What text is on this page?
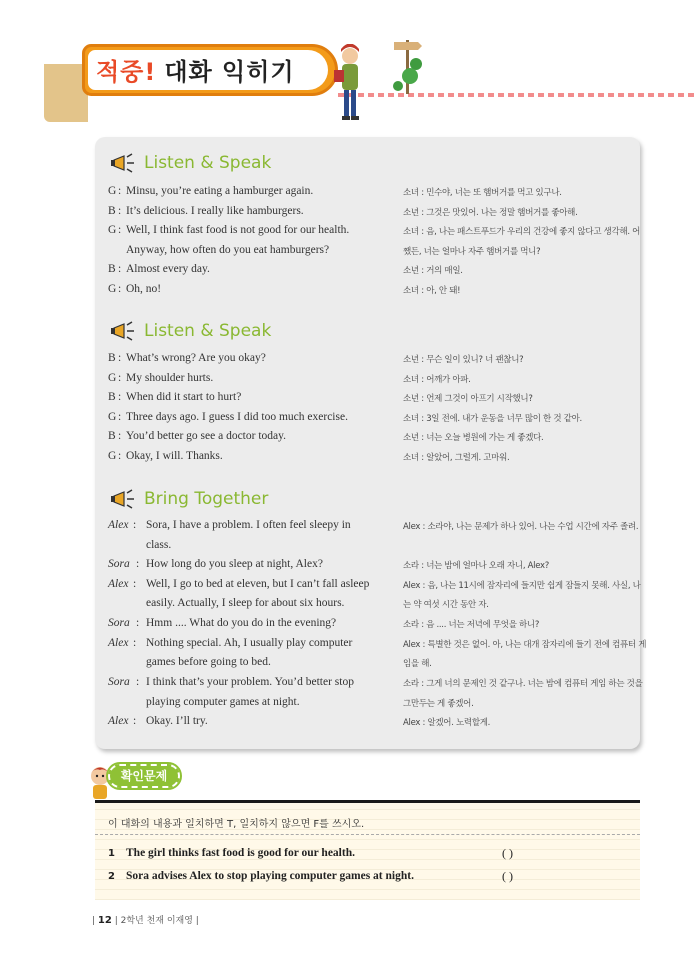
적중! 대화 익히기
Listen & Speak
Listen & Speak
Bring Together
G : Minsu, you’re eating a hamburger again.	소녀 : 민수야, 너는 또 햄버거를 먹고 있구나.
B : It’s delicious. I really like hamburgers.	소년 : 그것은 맛있어. 나는 정말 햄버거를 좋아해.
G : Well, I think fast food is not good for our health.	소녀 : 음, 나는 패스트푸드가 우리의 건강에 좋지 않다고 생각해. 어
Anyway, how often do you eat hamburgers?	쨌든, 너는 얼마나 자주 햄버거를 먹니?
B : Almost every day.	소년 : 거의 매일.
G : Oh, no!	소녀 : 아, 안 돼!
B : What’s wrong? Are you okay?	소년 : 무슨 일이 있니? 너 괜찮니?
G : My shoulder hurts.	소녀 : 어깨가 아파.
B : When did it start to hurt?	소년 : 언제 그것이 아프기 시작했니?
G : Three days ago. I guess I did too much exercise.	소녀 : 3일 전에. 내가 운동을 너무 많이 한 것 같아.
B : You’d better go see a doctor today.	소년 : 너는 오늘 병원에 가는 게 좋겠다.
G : Okay, I will. Thanks.	소녀 : 알았어, 그럴게. 고마워.
Alex : Sora, I have a problem. I often feel sleepy in	Alex : 소라야, 나는 문제가 하나 있어. 나는 수업 시간에 자주 졸려.
class.
Sora : How long do you sleep at night, Alex?	소라 : 너는 밤에 얼마나 오래 자니, Alex?
Alex : Well, I go to bed at eleven, but I can’t fall asleep	Alex : 음, 나는 11시에 잠자리에 들지만 쉽게 잠들지 못해. 사실, 나
easily. Actually, I sleep for about six hours.	는 약 여섯 시간 동안 자.
Sora : Hmm .... What do you do in the evening?	소라 : 음 .... 너는 저녁에 무엇을 하니?
Alex : Nothing special. Ah, I usually play computer	Alex : 특별한 것은 없어. 아, 나는 대개 잠자리에 들기 전에 컴퓨터 게
games before going to bed.	임을 해.
Sora : I think that’s your problem. You’d better stop	소라 : 그게 너의 문제인 것 같구나. 너는 밤에 컴퓨터 게임 하는 것을
playing computer games at night.	그만두는 게 좋겠어.
Alex : Okay. I’ll try.	Alex : 알겠어. 노력할게.
확인문제
이 대화의 내용과 일치하면 T, 일치하지 않으면 F를 쓰시오.
1 The girl thinks fast food is good for our health.	( )
2 Sora advises Alex to stop playing computer games at night.	( )
| 12 | 2학년 천재 이재영 |
